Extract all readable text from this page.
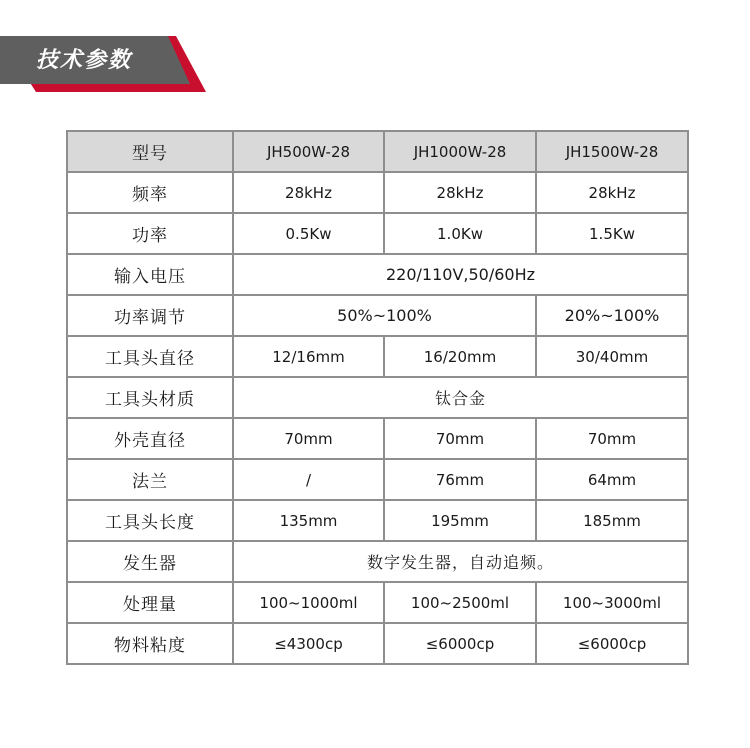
技术参数
型号	JH500W-28	JH1000W-28	JH1500W-28
频率	28kHz	28kHz	28kHz
功率	0.5Kw	1.0Kw	1.5Kw
输入电压	220/110V,50/60Hz		
功率调节	50%~100%		20%~100%
工具头直径	12/16mm	16/20mm	30/40mm
工具头材质	钛合金		
外壳直径	70mm	70mm	70mm
法兰	/	76mm	64mm
工具头长度	135mm	195mm	185mm
发生器	数字发生器，自动追频。		
处理量	100~1000ml	100~2500ml	100~3000ml
物料粘度	≤4300cp	≤6000cp	≤6000cp
